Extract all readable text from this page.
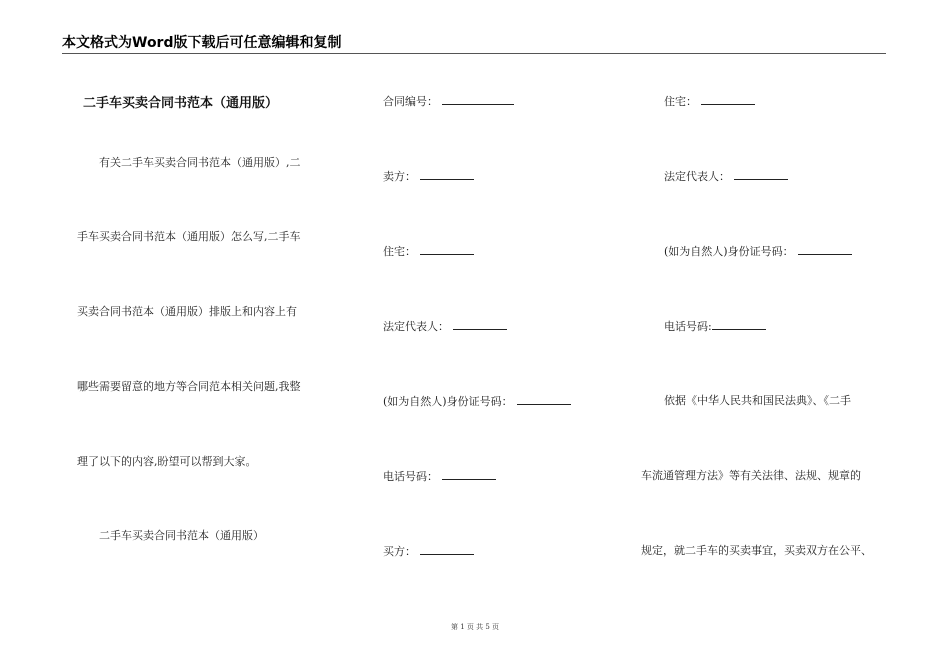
本文格式为Word版下载后可任意编辑和复制
二手车买卖合同书范本（通用版）
有关二手车买卖合同书范本（通用版）,二
手车买卖合同书范本（通用版）怎么写,二手车
买卖合同书范本（通用版）排版上和内容上有
哪些需要留意的地方等合同范本相关问题,我整
理了以下的内容,盼望可以帮到大家。
二手车买卖合同书范本（通用版）
合同编号：
卖方：
住宅：
法定代表人：
(如为自然人)身份证号码：
电话号码：
买方：
住宅：
法定代表人：
(如为自然人)身份证号码：
电话号码:
依据《中华人民共和国民法典》、《二手
车流通管理方法》等有关法律、法规、规章的
规定，就二手车的买卖事宜，买卖双方在公平、
第 1 页 共 5 页
